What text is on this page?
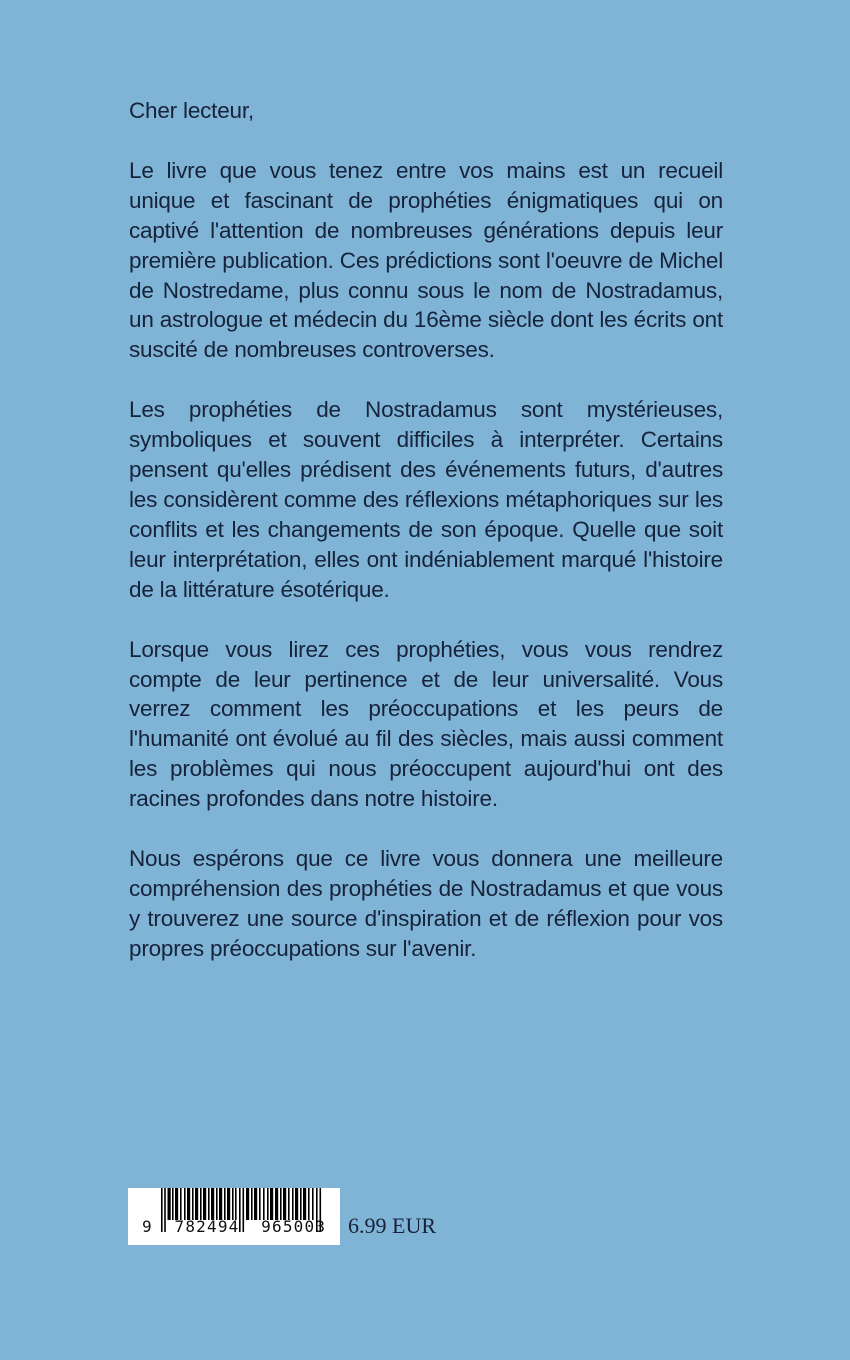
Cher lecteur,

Le livre que vous tenez entre vos mains est un recueil unique et fascinant de prophéties énigmatiques qui on captivé l'attention de nombreuses générations depuis leur première publication. Ces prédictions sont l'oeuvre de Michel de Nostredame, plus connu sous le nom de Nostradamus, un astrologue et médecin du 16ème siècle dont les écrits ont suscité de nombreuses controverses.

Les prophéties de Nostradamus sont mystérieuses, symboliques et souvent difficiles à interpréter. Certains pensent qu'elles prédisent des événements futurs, d'autres les considèrent comme des réflexions métaphoriques sur les conflits et les changements de son époque. Quelle que soit leur interprétation, elles ont indéniablement marqué l'histoire de la littérature ésotérique.

Lorsque vous lirez ces prophéties, vous vous rendrez compte de leur pertinence et de leur universalité. Vous verrez comment les préoccupations et les peurs de l'humanité ont évolué au fil des siècles, mais aussi comment les problèmes qui nous préoccupent aujourd'hui ont des racines profondes dans notre histoire.

Nous espérons que ce livre vous donnera une meilleure compréhension des prophéties de Nostradamus et que vous y trouverez une source d'inspiration et de réflexion pour vos propres préoccupations sur l'avenir.

9  782494  965003 6.99 EUR
